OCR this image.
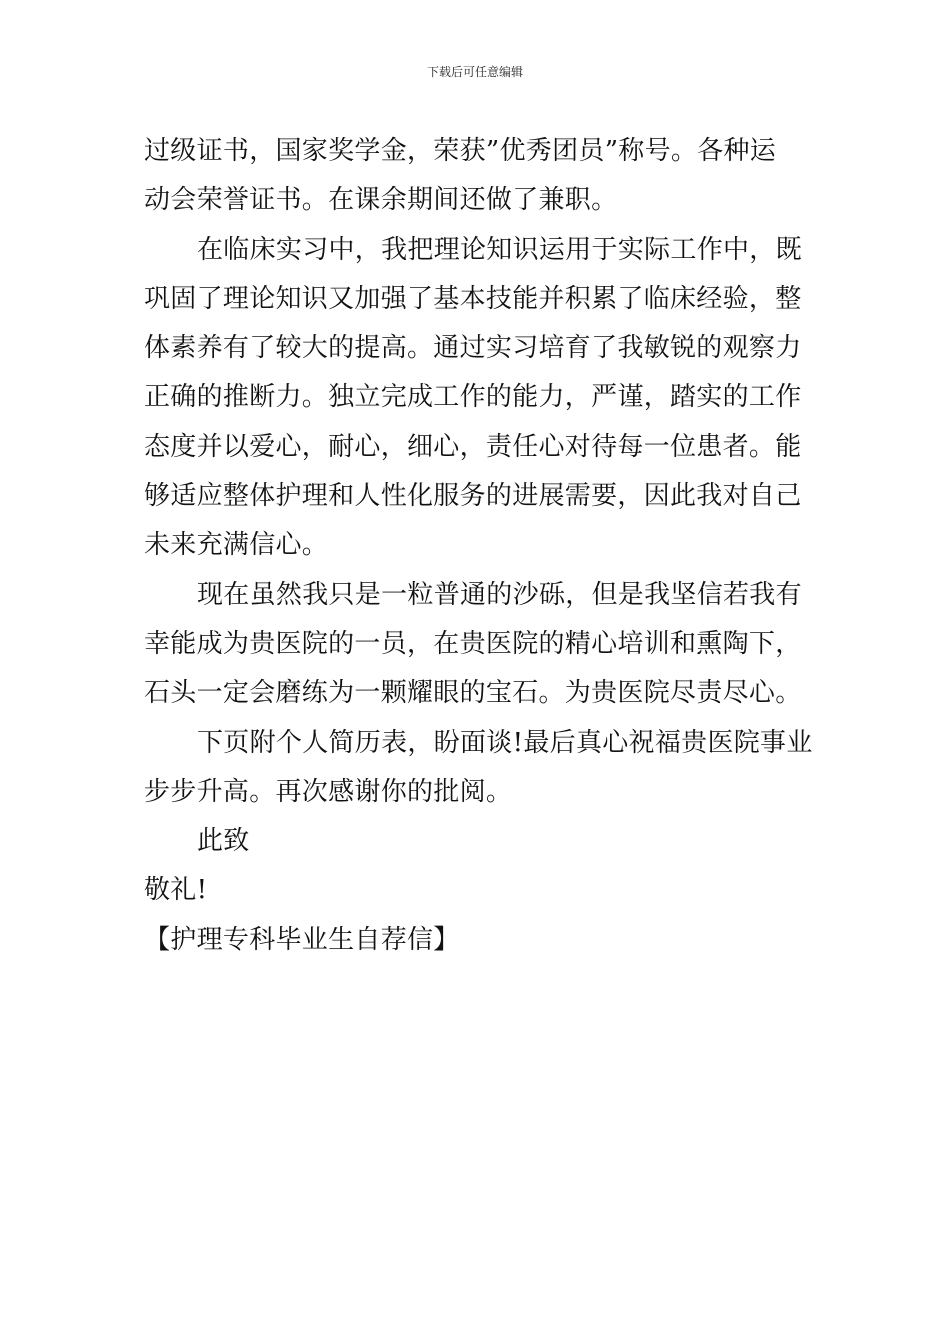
下载后可任意编辑

过级证书，国家奖学金，荣获”优秀团员”称号。各种运
动会荣誉证书。在课余期间还做了兼职。

在临床实习中，我把理论知识运用于实际工作中，既
巩固了理论知识又加强了基本技能并积累了临床经验，整
体素养有了较大的提高。通过实习培育了我敏锐的观察力
正确的推断力。独立完成工作的能力，严谨，踏实的工作
态度并以爱心，耐心，细心，责任心对待每一位患者。能
够适应整体护理和人性化服务的进展需要，因此我对自己
未来充满信心。

现在虽然我只是一粒普通的沙砾，但是我坚信若我有
幸能成为贵医院的一员，在贵医院的精心培训和熏陶下，
石头一定会磨练为一颗耀眼的宝石。为贵医院尽责尽心。

下页附个人简历表，盼面谈!最后真心祝福贵医院事业
步步升高。再次感谢你的批阅。

此致
敬礼!
【护理专科毕业生自荐信】
